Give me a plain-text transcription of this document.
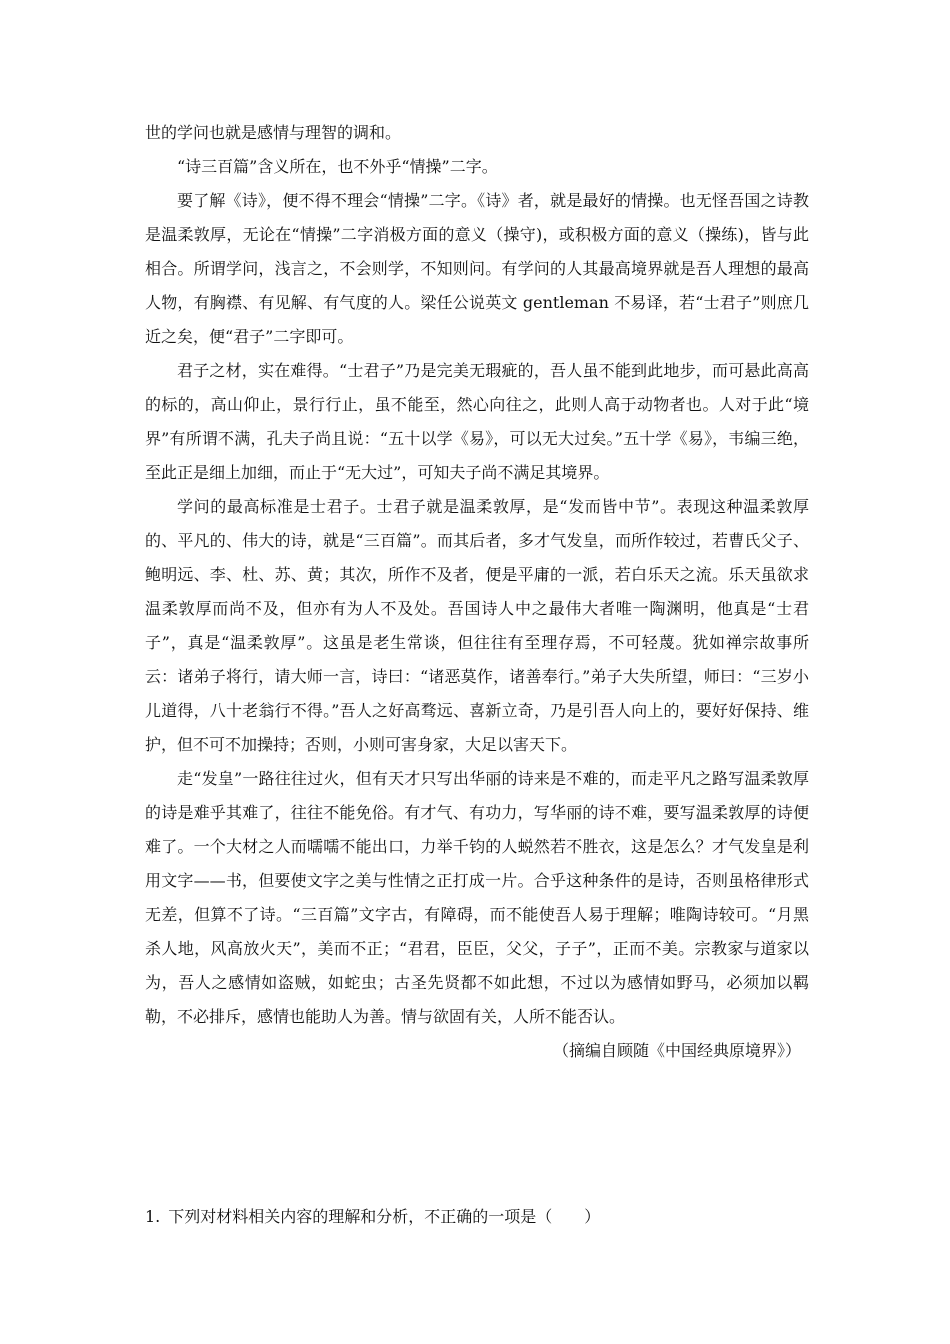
世的学问也就是感情与理智的调和。

“诗三百篇”含义所在，也不外乎“情操”二字。

要了解《诗》，便不得不理会“情操”二字。《诗》者，就是最好的情操。也无怪吾国之诗教是温柔敦厚，无论在“情操”二字消极方面的意义（操守)，或积极方面的意义（操练)，皆与此相合。所谓学问，浅言之，不会则学，不知则问。有学问的人其最高境界就是吾人理想的最高人物，有胸襟、有见解、有气度的人。梁任公说英文 gentleman 不易译，若“士君子”则庶几近之矣，便“君子”二字即可。

君子之材，实在难得。“士君子”乃是完美无瑕疵的，吾人虽不能到此地步，而可悬此高高的标的，高山仰止，景行行止，虽不能至，然心向往之，此则人高于动物者也。人对于此“境界”有所谓不满，孔夫子尚且说：“五十以学《易》，可以无大过矣。”五十学《易》，韦编三绝，至此正是细上加细，而止于“无大过”，可知夫子尚不满足其境界。

学问的最高标准是士君子。士君子就是温柔敦厚，是“发而皆中节”。表现这种温柔敦厚的、平凡的、伟大的诗，就是“三百篇”。而其后者，多才气发皇，而所作较过，若曹氏父子、鲍明远、李、杜、苏、黄；其次，所作不及者，便是平庸的一派，若白乐天之流。乐天虽欲求温柔敦厚而尚不及，但亦有为人不及处。吾国诗人中之最伟大者唯一陶渊明，他真是“士君子”，真是“温柔敦厚”。这虽是老生常谈，但往往有至理存焉，不可轻蔑。犹如禅宗故事所云：诸弟子将行，请大师一言，诗曰：“诸恶莫作，诸善奉行。”弟子大失所望，师曰：“三岁小儿道得，八十老翁行不得。”吾人之好高骛远、喜新立奇，乃是引吾人向上的，要好好保持、维护，但不可不加操持；否则，小则可害身家，大足以害天下。

走“发皇”一路往往过火，但有天才只写出华丽的诗来是不难的，而走平凡之路写温柔敦厚的诗是难乎其难了，往往不能免俗。有才气、有功力，写华丽的诗不难，要写温柔敦厚的诗便难了。一个大材之人而嚅嚅不能出口，力举千钧的人蜕然若不胜衣，这是怎么？才气发皇是利用文字——书，但要使文字之美与性情之正打成一片。合乎这种条件的是诗，否则虽格律形式无差，但算不了诗。“三百篇”文字古，有障碍，而不能使吾人易于理解；唯陶诗较可。“月黑杀人地，风高放火天”，美而不正；“君君，臣臣，父父，子子”，正而不美。宗教家与道家以为，吾人之感情如盗贼，如蛇虫；古圣先贤都不如此想，不过以为感情如野马，必须加以羁勒，不必排斥，感情也能助人为善。情与欲固有关，人所不能否认。

（摘编自顾随《中国经典原境界》）

1. 下列对材料相关内容的理解和分析，不正确的一项是（　　）
